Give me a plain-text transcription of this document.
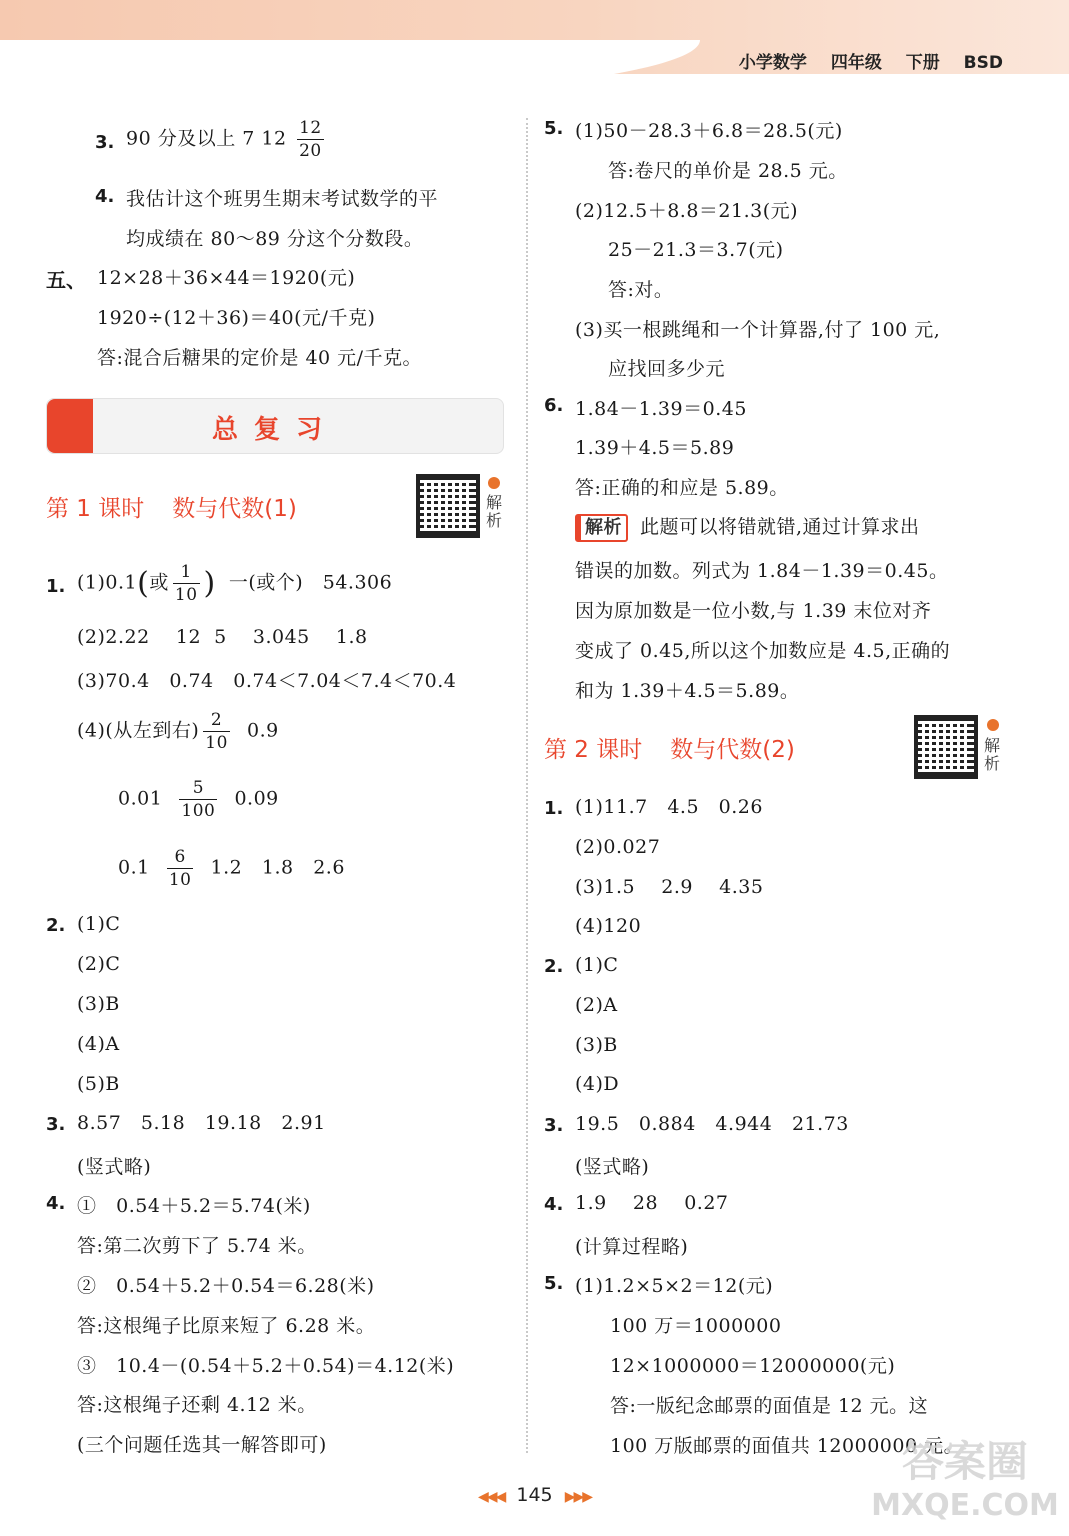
小学数学 四年级 下册 BSD
3. 90 分及以上 7 $12 \frac{12}{20}$
4. 我估计这个班男生期末考试数学的平
均成绩在 80～89 分这个分数段。
五、 12×28＋36×44＝1920(元)
1920÷(12＋36)＝40(元/千克)
答:混合后糖果的定价是 40 元/千克。
总复习
第 1 课时 数与代数(1)	解析
1. (1)0.1(或 $\frac{1}{10}$ )  一(或个)   54.306
(2)2.22    12  5    3.045    1.8
(3)70.4   0.74   0.74＜7.04＜7.4＜70.4
(4)(从左到右) $\frac{2}{10} 0.9$
$0.01 \frac{5}{100} 0.09$
$0.1 \frac{6}{10} 1.2$   1.8   2.6
2. (1)C
(2)C
(3)B
(4)A
(5)B
3. 8.57   5.18   19.18   2.91
(竖式略)
4. ①   0.54＋5.2＝5.74(米)
答:第二次剪下了 5.74 米。
②   0.54＋5.2＋0.54＝6.28(米)
答:这根绳子比原来短了 6.28 米。
③   10.4－(0.54＋5.2＋0.54)＝4.12(米)
答:这根绳子还剩 4.12 米。
(三个问题任选其一解答即可)
5. (1)50－28.3＋6.8＝28.5(元)
答:卷尺的单价是 28.5 元。
(2)12.5＋8.8＝21.3(元)
25－21.3＝3.7(元)
答:对。
(3)买一根跳绳和一个计算器,付了 100 元,
应找回多少元
6. 1.84－1.39＝0.45
1.39＋4.5＝5.89
答:正确的和应是 5.89。
解析 此题可以将错就错,通过计算求出
错误的加数。列式为 1.84－1.39＝0.45。
因为原加数是一位小数,与 1.39 末位对齐
变成了 0.45,所以这个加数应是 4.5,正确的
和为 1.39＋4.5＝5.89。
第 2 课时 数与代数(2)	解析
1. (1)11.7   4.5   0.26
(2)0.027
(3)1.5    2.9    4.35
(4)120
2. (1)C
(2)A
(3)B
(4)D
3. 19.5   0.884   4.944   21.73
(竖式略)
4. 1.9    28    0.27
(计算过程略)
5. (1)1.2×5×2＝12(元)
100 万＝1000000
12×1000000＝12000000(元)
答:一版纪念邮票的面值是 12 元。这
100 万版邮票的面值共 12000000 元。
◀◀◀ 145 ▶▶▶
答案圈
MXQE.COM
